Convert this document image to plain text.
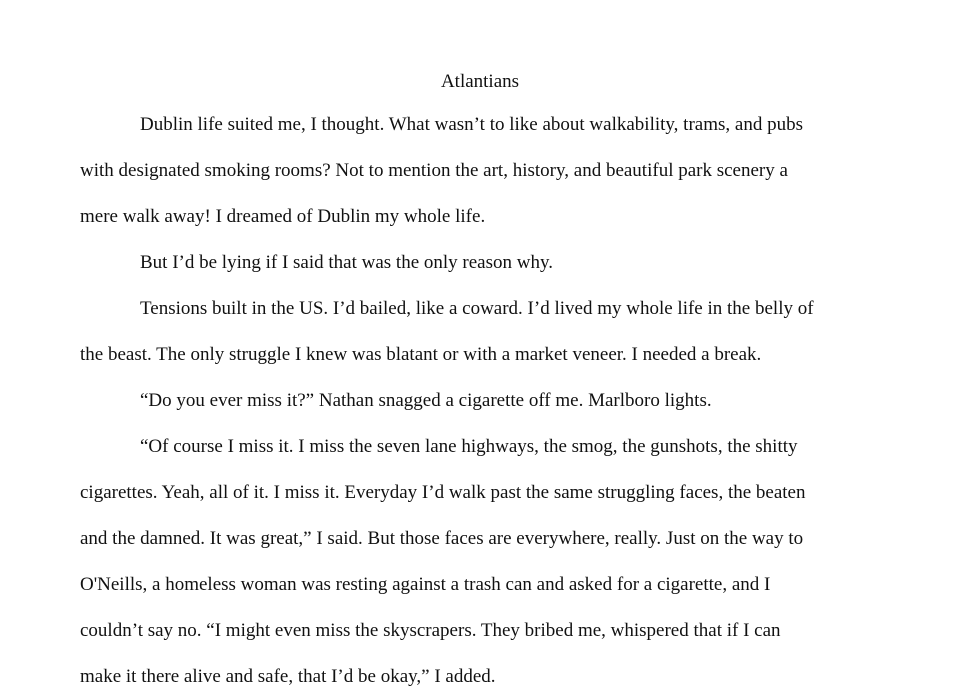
Atlantians
Dublin life suited me, I thought. What wasn’t to like about walkability, trams, and pubs
with designated smoking rooms? Not to mention the art, history, and beautiful park scenery a
mere walk away! I dreamed of Dublin my whole life.
But I’d be lying if I said that was the only reason why.
Tensions built in the US. I’d bailed, like a coward. I’d lived my whole life in the belly of
the beast. The only struggle I knew was blatant or with a market veneer. I needed a break.
“Do you ever miss it?” Nathan snagged a cigarette off me. Marlboro lights.
“Of course I miss it. I miss the seven lane highways, the smog, the gunshots, the shitty
cigarettes. Yeah, all of it. I miss it. Everyday I’d walk past the same struggling faces, the beaten
and the damned. It was great,” I said. But those faces are everywhere, really. Just on the way to
O'Neills, a homeless woman was resting against a trash can and asked for a cigarette, and I
couldn’t say no. “I might even miss the skyscrapers. They bribed me, whispered that if I can
make it there alive and safe, that I’d be okay,” I added.
